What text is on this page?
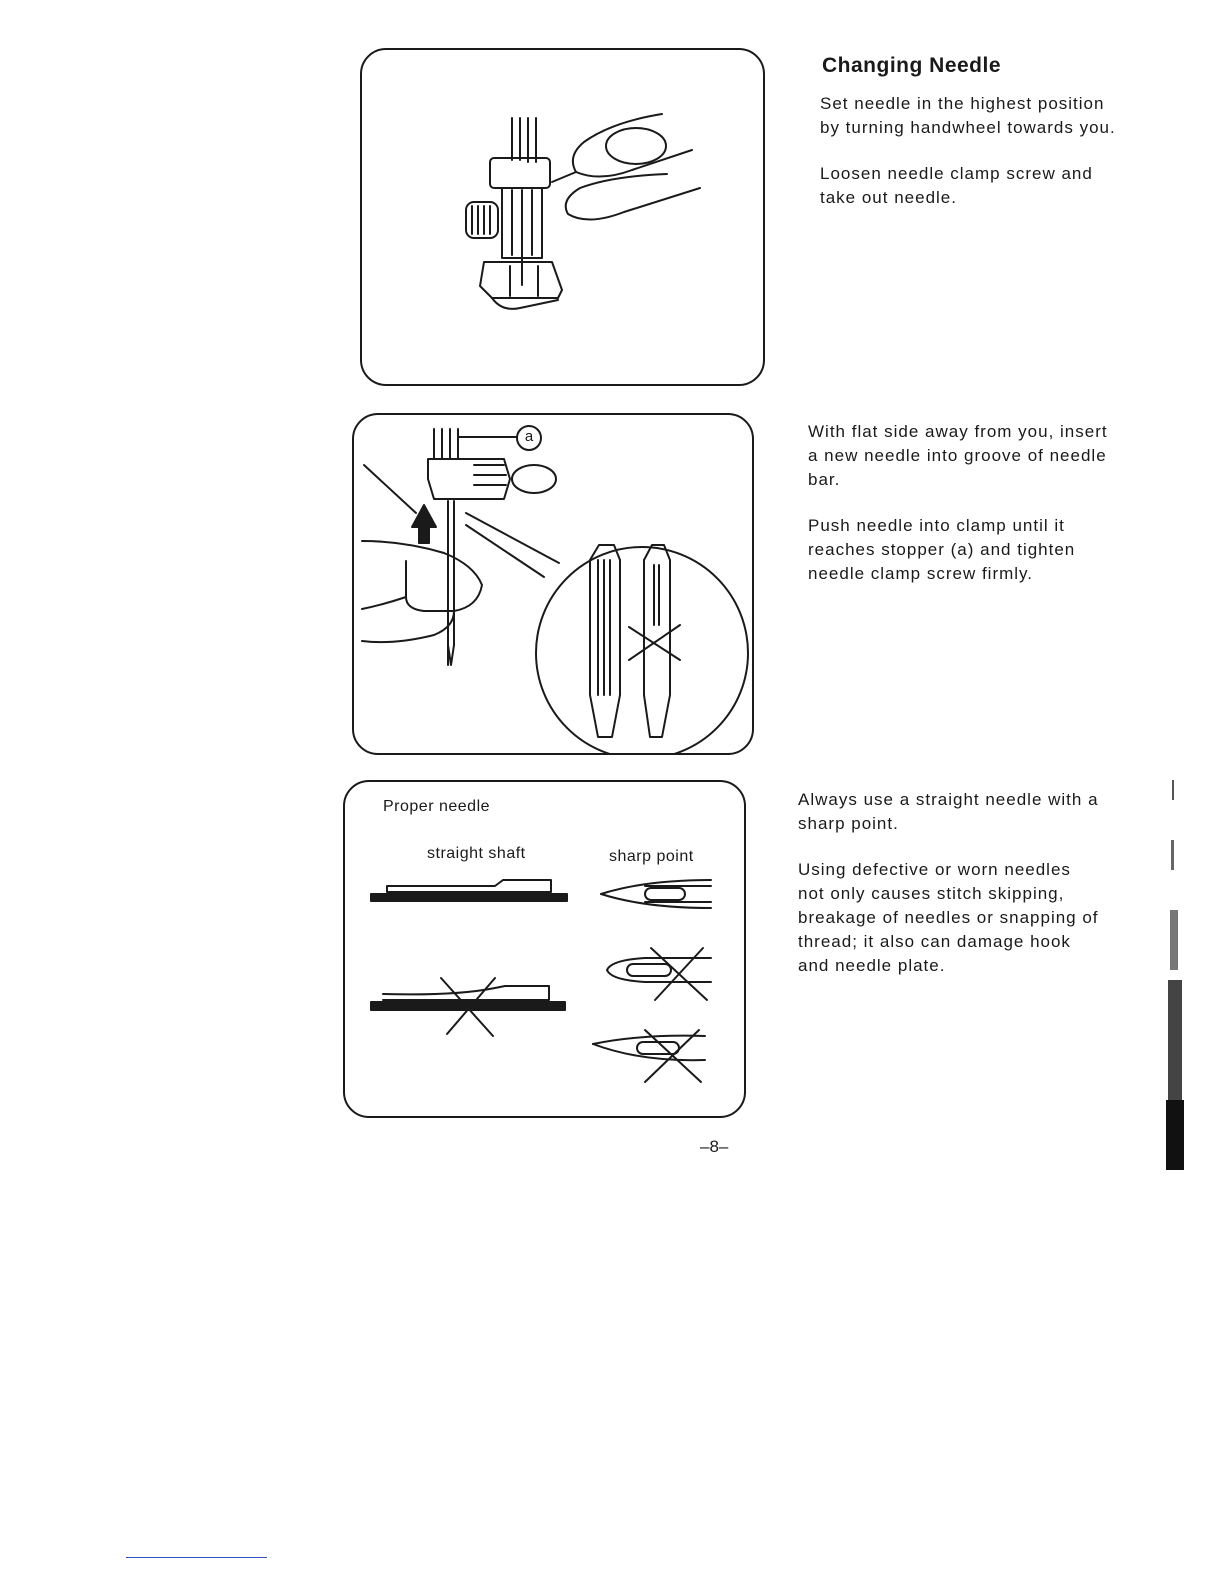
Changing Needle

Set needle in the highest position by turning handwheel towards you.

Loosen needle clamp screw and take out needle.

a	With flat side away from you, insert a new needle into groove of needle bar.

Push needle into clamp until it reaches stopper (a) and tighten needle clamp screw firmly.

Proper needle
straight shaft	sharp point

Always use a straight needle with a sharp point.

Using defective or worn needles not only causes stitch skipping, breakage of needles or snapping of thread; it also can damage hook and needle plate.

–8–
